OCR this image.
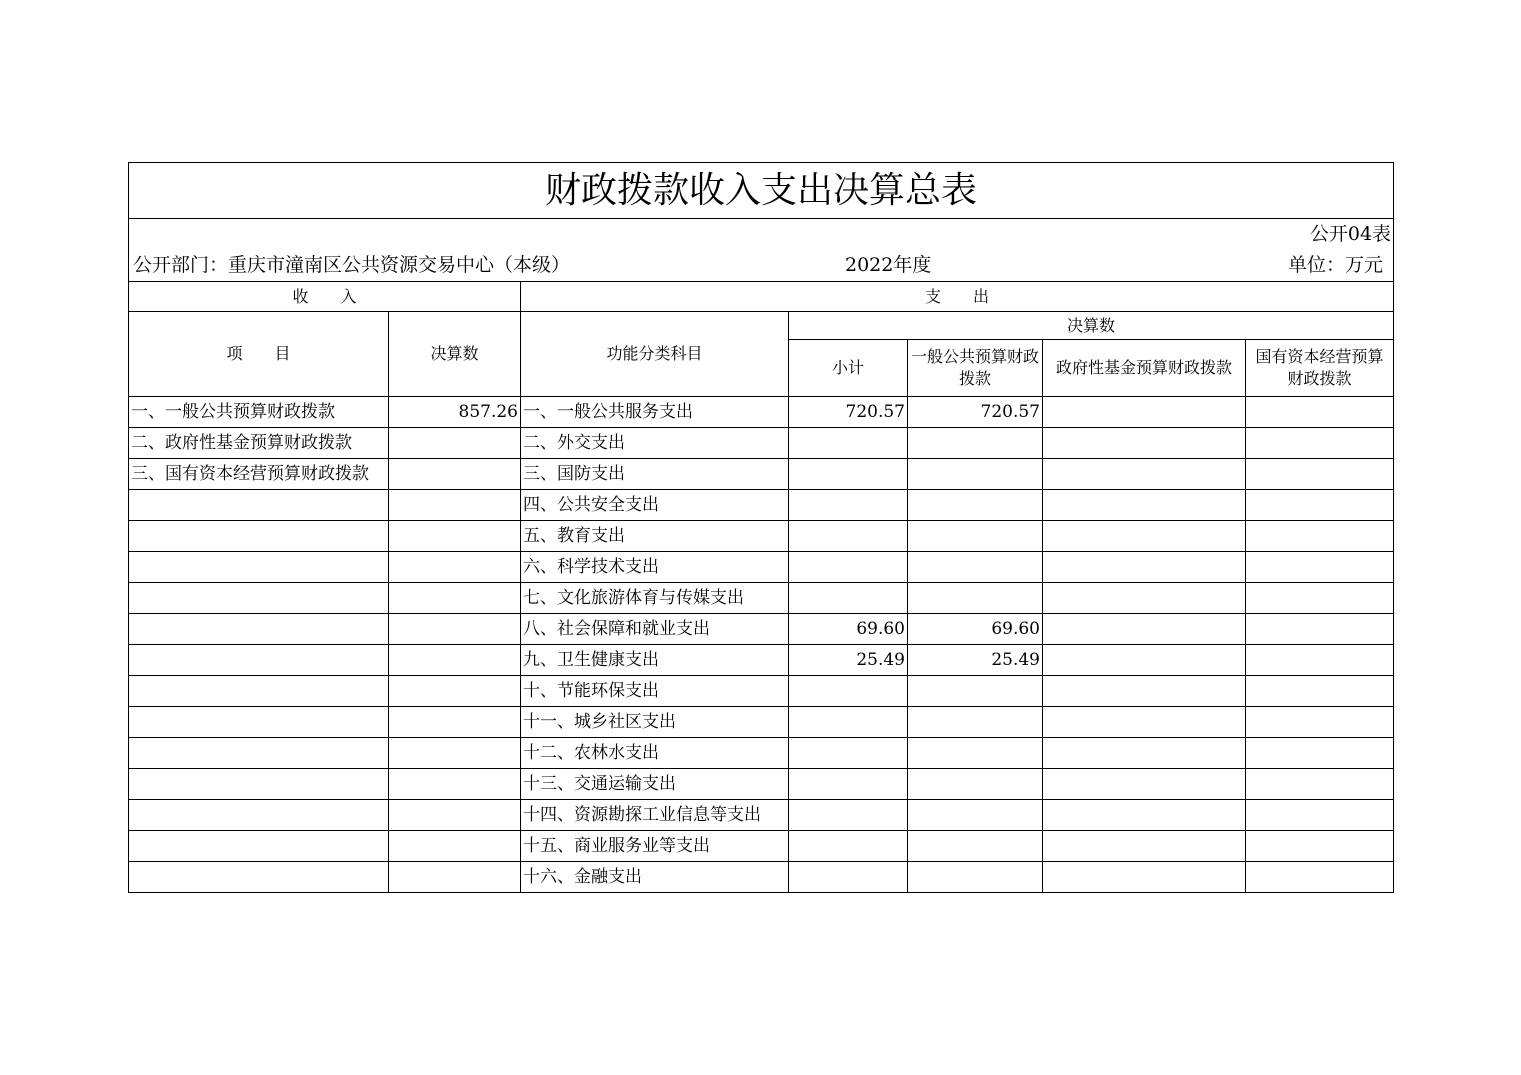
财政拨款收入支出决算总表						
公开04表						

公开部门：重庆市潼南区公共资源交易中心（本级） 2022年度 单位：万元						

收　　入		支　　出				
项　　目	决算数	功能分类科目	决算数			
			小计	一般公共预算财政拨款	政府性基金预算财政拨款	国有资本经营预算财政拨款
一、一般公共预算财政拨款	857.26	一、一般公共服务支出	720.57	720.57		
二、政府性基金预算财政拨款		二、外交支出				
三、国有资本经营预算财政拨款		三、国防支出				
		四、公共安全支出				
		五、教育支出				
		六、科学技术支出				
		七、文化旅游体育与传媒支出				
		八、社会保障和就业支出	69.60	69.60		
		九、卫生健康支出	25.49	25.49		
		十、节能环保支出				
		十一、城乡社区支出				
		十二、农林水支出				
		十三、交通运输支出				
		十四、资源勘探工业信息等支出				
		十五、商业服务业等支出				
		十六、金融支出				
